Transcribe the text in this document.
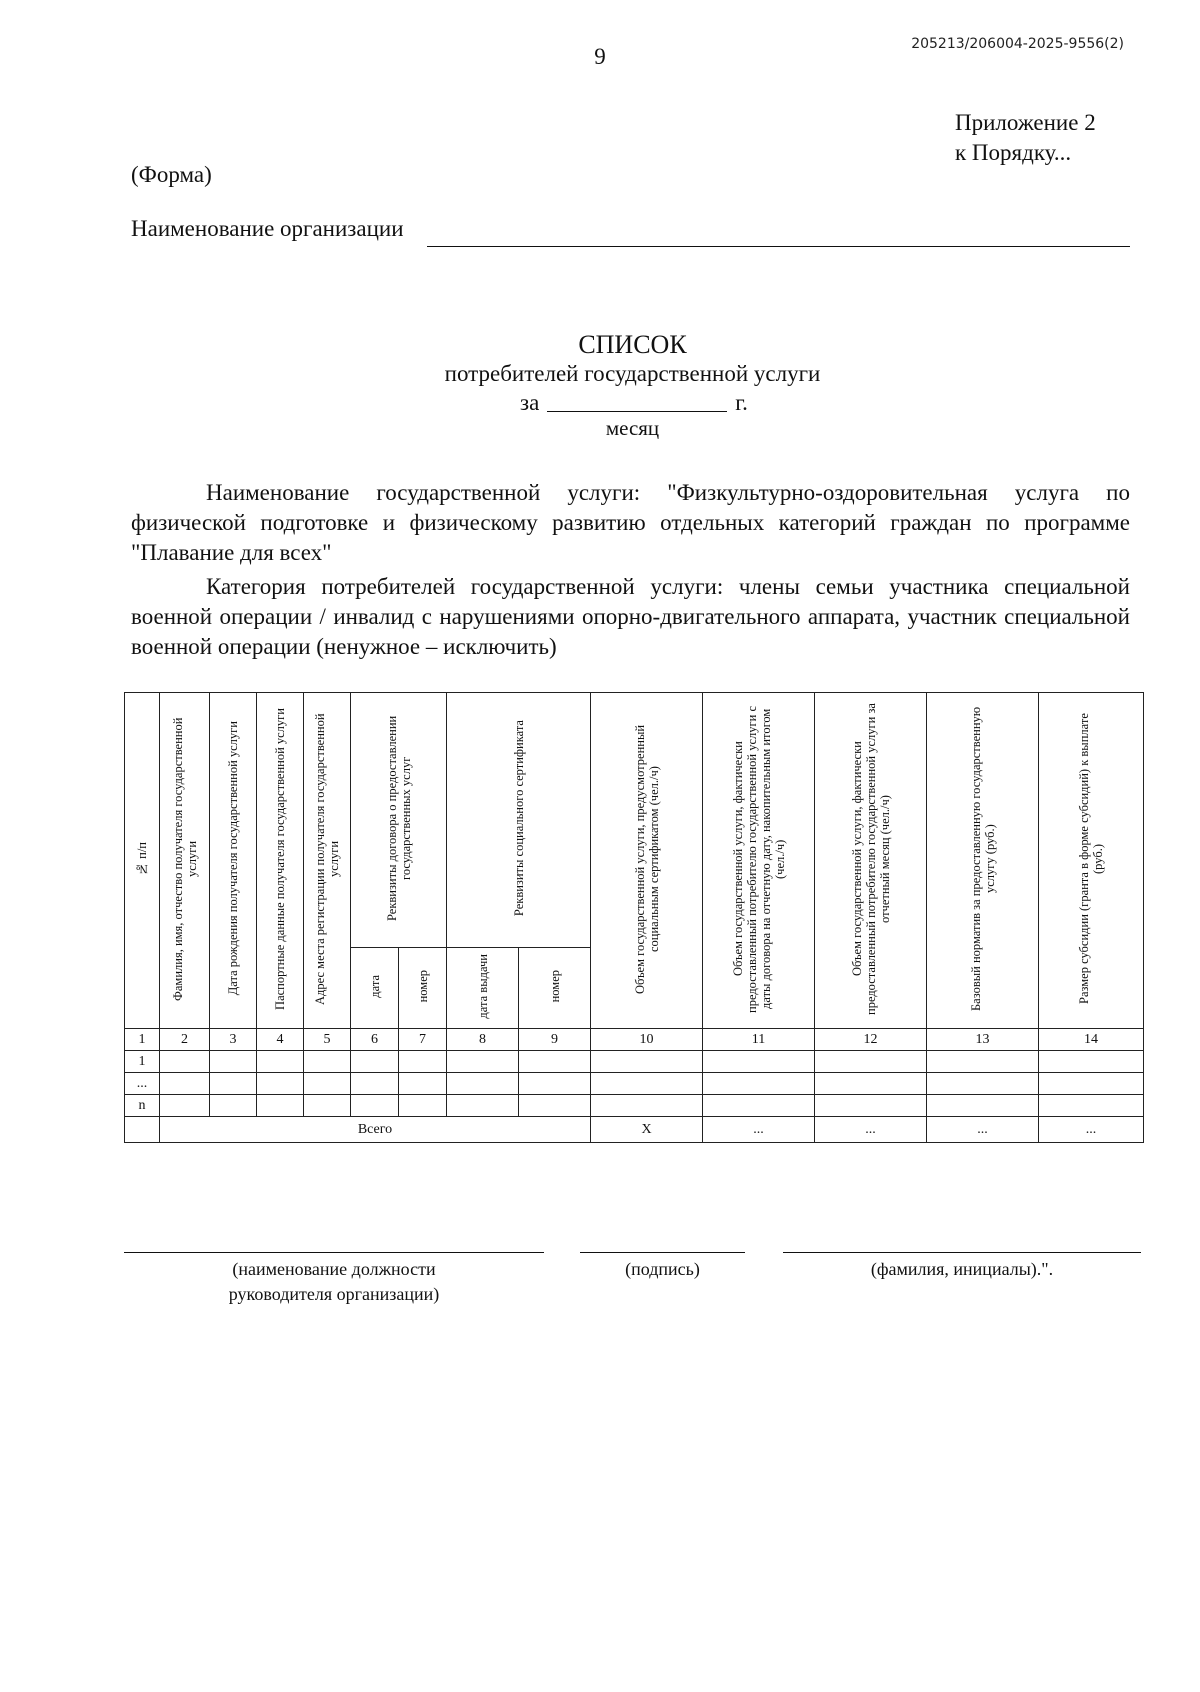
205213/206004-2025-9556(2)
9
Приложение 2
к Порядку...
(Форма)
Наименование организации
СПИСОК
потребителей государственной услуги
за	г.
месяц
Наименование государственной услуги: "Физкультурно-оздоровительная услуга по физической подготовке и физическому развитию отдельных категорий граждан по программе "Плавание для всех"
Категория потребителей государственной услуги: члены семьи участника специальной военной операции / инвалид с нарушениями опорно-двигательного аппарата, участник специальной военной операции (ненужное – исключить)
№ п/п	Фамилия, имя, отчество получателя государственной услуги	Дата рождения получателя государственной услуги	Паспортные данные получателя государственной услуги	Адрес места регистрации получателя государственной услуги	Реквизиты договора о предоставлении государственных услуг		Реквизиты социального сертификата		Объем государственной услуги, предусмотренный социальным сертификатом (чел./ч)	Объем государственной услуги, фактически предоставленный потребителю государственной услуги с даты договора на отчетную дату, накопительным итогом (чел./ч)	Объем государственной услуги, фактически предоставленный потребителю государственной услуги за отчетный месяц (чел./ч)	Базовый норматив за предоставленную государственную услугу (руб.)	Размер субсидии (гранта в форме субсидий) к выплате (руб.)
					дата	номер	дата выдачи	номер					
1	2	3	4	5	6	7	8	9	10	11	12	13	14
1													
...													
n													
	Всего								X	...	...	...	...
(наименование должности
руководителя организации)
(подпись)	(фамилия, инициалы).".
